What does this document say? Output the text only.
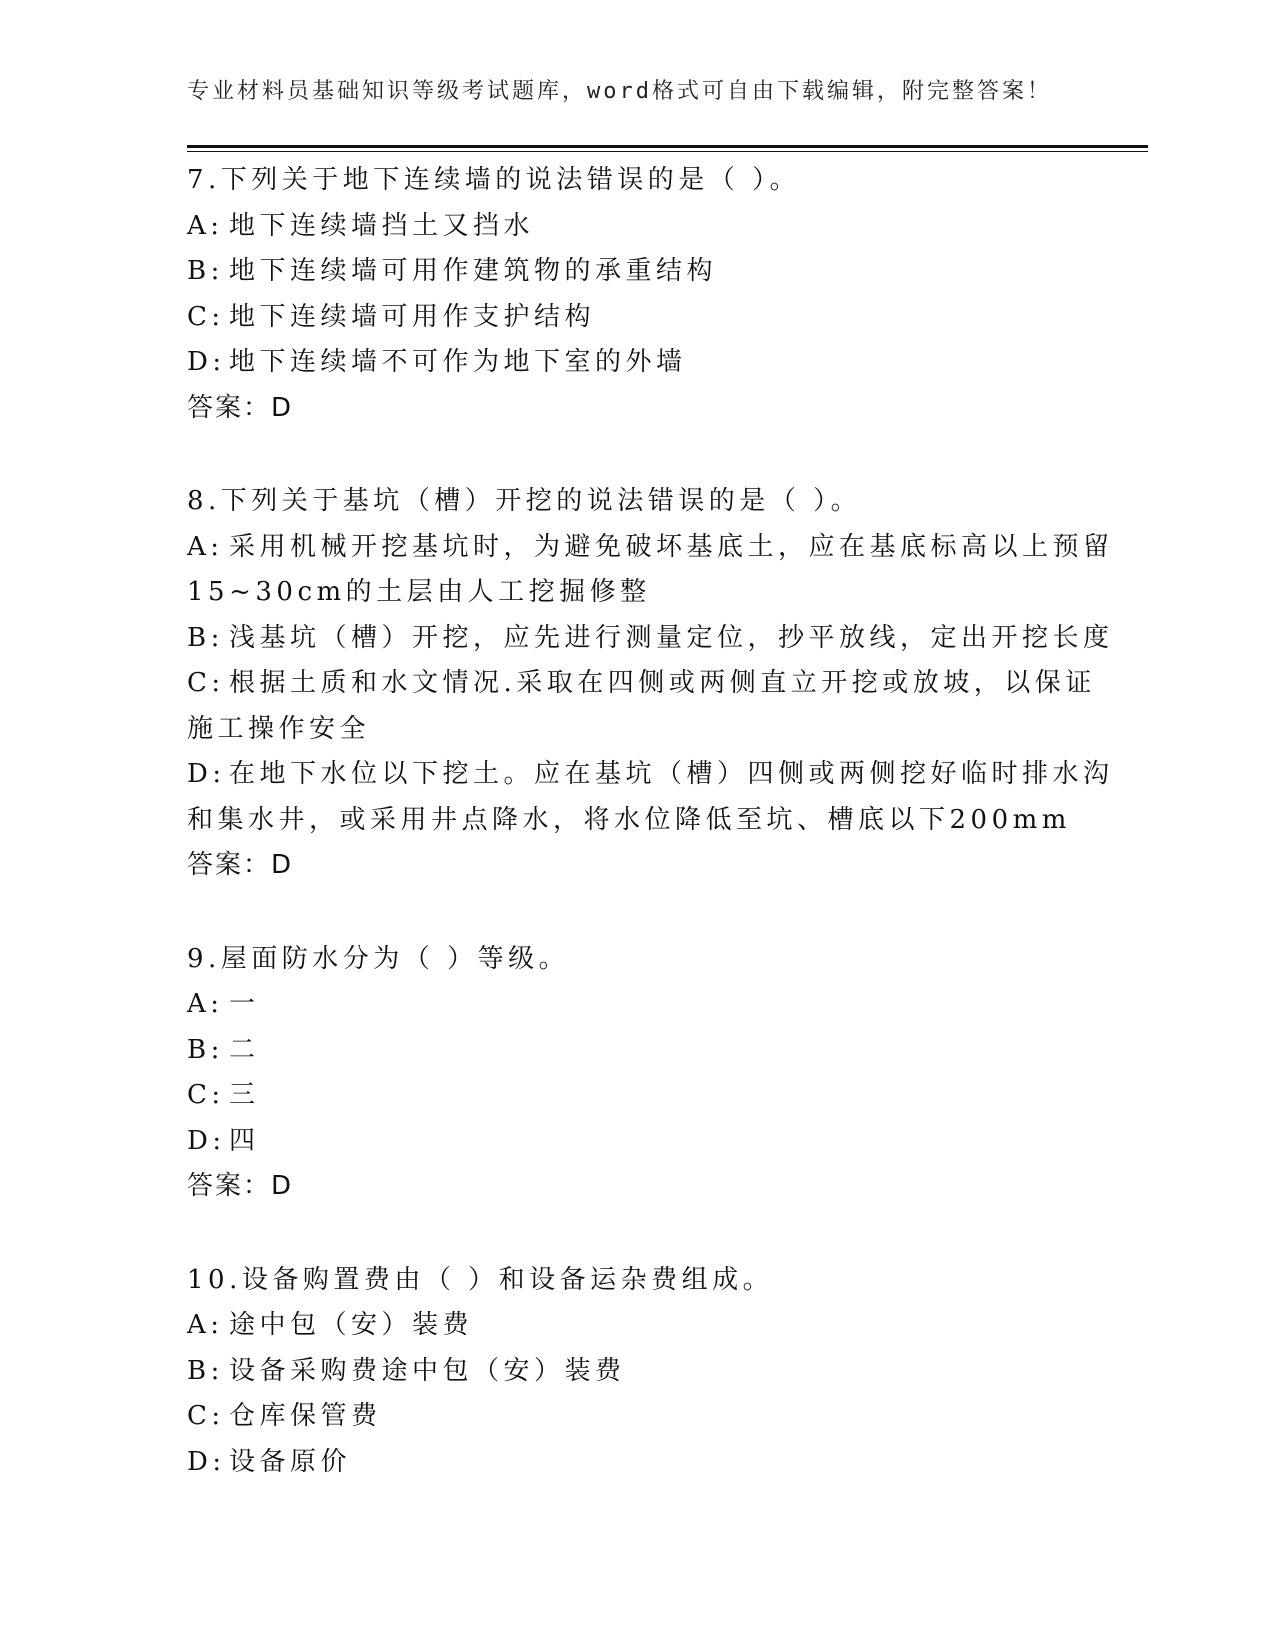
专业材料员基础知识等级考试题库，word格式可自由下载编辑，附完整答案！
7.下列关于地下连续墙的说法错误的是（ ）。
A: 地下连续墙挡土又挡水
B: 地下连续墙可用作建筑物的承重结构
C: 地下连续墙可用作支护结构
D: 地下连续墙不可作为地下室的外墙
答案：D
8.下列关于基坑（槽）开挖的说法错误的是（ ）。
A: 采用机械开挖基坑时，为避免破坏基底土，应在基底标高以上预留
15~30cm的土层由人工挖掘修整
B: 浅基坑（槽）开挖，应先进行测量定位，抄平放线，定出开挖长度
C: 根据土质和水文情况.采取在四侧或两侧直立开挖或放坡，以保证
施工操作安全
D: 在地下水位以下挖土。应在基坑（槽）四侧或两侧挖好临时排水沟
和集水井，或采用井点降水，将水位降低至坑、槽底以下200mm
答案：D
9.屋面防水分为（ ）等级。
A: 一
B: 二
C: 三
D: 四
答案：D
10.设备购置费由（ ）和设备运杂费组成。
A: 途中包（安）装费
B: 设备采购费途中包（安）装费
C: 仓库保管费
D: 设备原价
